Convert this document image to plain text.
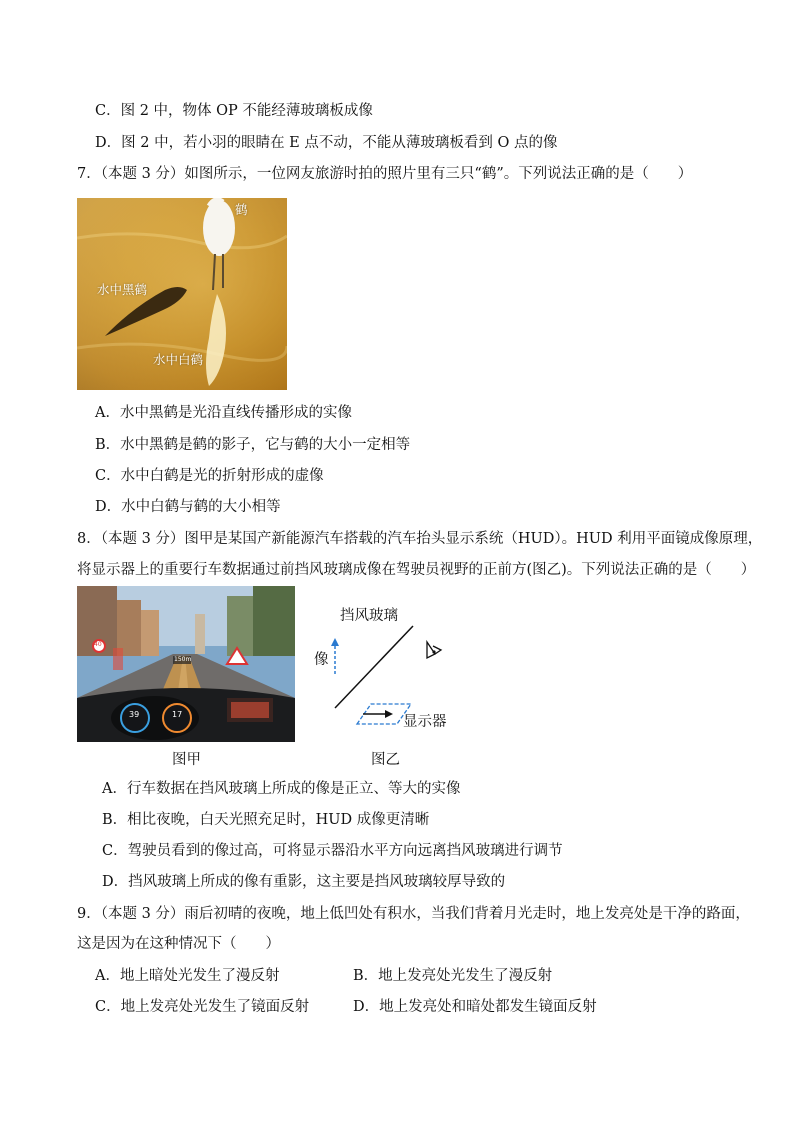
C．图 2 中，物体 OP 不能经薄玻璃板成像
D．图 2 中，若小羽的眼睛在 E 点不动，不能从薄玻璃板看到 O 点的像
7．（本题 3 分）如图所示，一位网友旅游时拍的照片里有三只“鹤”。下列说法正确的是（　　）
鹤
水中黑鹤
水中白鹤
A．水中黑鹤是光沿直线传播形成的实像
B．水中黑鹤是鹤的影子，它与鹤的大小一定相等
C．水中白鹤是光的折射形成的虚像
D．水中白鹤与鹤的大小相等
8．（本题 3 分）图甲是某国产新能源汽车搭载的汽车抬头显示系统（HUD）。HUD 利用平面镜成像原理，
将显示器上的重要行车数据通过前挡风玻璃成像在驾驶员视野的正前方(图乙)。下列说法正确的是（　　）
39	17
150m
40
图甲
挡风玻璃
像
显示器
图乙
A．行车数据在挡风玻璃上所成的像是正立、等大的实像
B．相比夜晚，白天光照充足时，HUD 成像更清晰
C．驾驶员看到的像过高，可将显示器沿水平方向远离挡风玻璃进行调节
D．挡风玻璃上所成的像有重影，这主要是挡风玻璃较厚导致的
9．（本题 3 分）雨后初晴的夜晚，地上低凹处有积水，当我们背着月光走时，地上发亮处是干净的路面，
这是因为在这种情况下（　　）
A．地上暗处光发生了漫反射	B．地上发亮处光发生了漫反射
C．地上发亮处光发生了镜面反射	D．地上发亮处和暗处都发生镜面反射
